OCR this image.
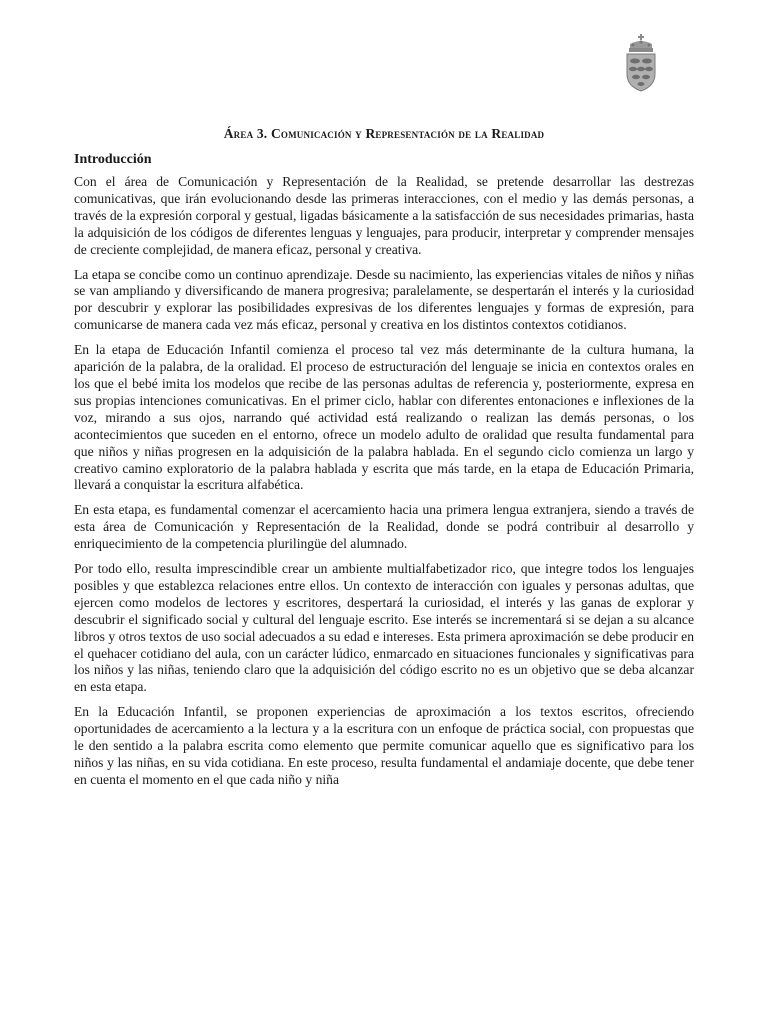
Área 3. Comunicación y Representación de la Realidad
Introducción

Con el área de Comunicación y Representación de la Realidad, se pretende desarrollar las destrezas comunicativas, que irán evolucionando desde las primeras interacciones, con el medio y las demás personas, a través de la expresión corporal y gestual, ligadas básicamente a la satisfacción de sus necesidades primarias, hasta la adquisición de los códigos de diferentes lenguas y lenguajes, para producir, interpretar y comprender mensajes de creciente complejidad, de manera eficaz, personal y creativa.

La etapa se concibe como un continuo aprendizaje. Desde su nacimiento, las experiencias vitales de niños y niñas se van ampliando y diversificando de manera progresiva; paralelamente, se despertarán el interés y la curiosidad por descubrir y explorar las posibilidades expresivas de los diferentes lenguajes y formas de expresión, para comunicarse de manera cada vez más eficaz, personal y creativa en los distintos contextos cotidianos.

En la etapa de Educación Infantil comienza el proceso tal vez más determinante de la cultura humana, la aparición de la palabra, de la oralidad. El proceso de estructuración del lenguaje se inicia en contextos orales en los que el bebé imita los modelos que recibe de las personas adultas de referencia y, posteriormente, expresa en sus propias intenciones comunicativas. En el primer ciclo, hablar con diferentes entonaciones e inflexiones de la voz, mirando a sus ojos, narrando qué actividad está realizando o realizan las demás personas, o los acontecimientos que suceden en el entorno, ofrece un modelo adulto de oralidad que resulta fundamental para que niños y niñas progresen en la adquisición de la palabra hablada. En el segundo ciclo comienza un largo y creativo camino exploratorio de la palabra hablada y escrita que más tarde, en la etapa de Educación Primaria, llevará a conquistar la escritura alfabética.

En esta etapa, es fundamental comenzar el acercamiento hacia una primera lengua extranjera, siendo a través de esta área de Comunicación y Representación de la Realidad, donde se podrá contribuir al desarrollo y enriquecimiento de la competencia plurilingüe del alumnado.

Por todo ello, resulta imprescindible crear un ambiente multialfabetizador rico, que integre todos los lenguajes posibles y que establezca relaciones entre ellos. Un contexto de interacción con iguales y personas adultas, que ejercen como modelos de lectores y escritores, despertará la curiosidad, el interés y las ganas de explorar y descubrir el significado social y cultural del lenguaje escrito. Ese interés se incrementará si se dejan a su alcance libros y otros textos de uso social adecuados a su edad e intereses. Esta primera aproximación se debe producir en el quehacer cotidiano del aula, con un carácter lúdico, enmarcado en situaciones funcionales y significativas para los niños y las niñas, teniendo claro que la adquisición del código escrito no es un objetivo que se deba alcanzar en esta etapa.

En la Educación Infantil, se proponen experiencias de aproximación a los textos escritos, ofreciendo oportunidades de acercamiento a la lectura y a la escritura con un enfoque de práctica social, con propuestas que le den sentido a la palabra escrita como elemento que permite comunicar aquello que es significativo para los niños y las niñas, en su vida cotidiana. En este proceso, resulta fundamental el andamiaje docente, que debe tener en cuenta el momento en el que cada niño y niña
